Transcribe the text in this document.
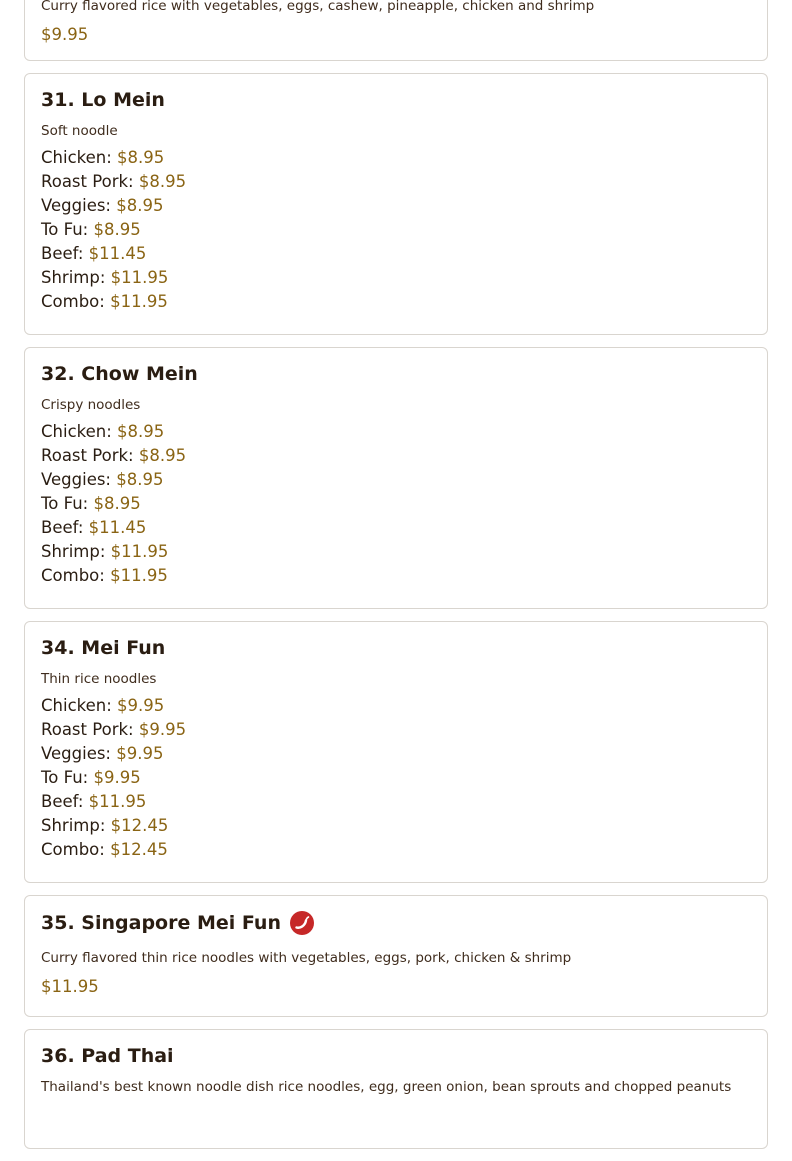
Curry flavored rice with vegetables, eggs, cashew, pineapple, chicken and shrimp

$9.95
31.
Lo Mein

Soft noodle

Chicken: $8.95
Roast Pork: $8.95
Veggies: $8.95
To Fu: $8.95
Beef: $11.45
Shrimp: $11.95
Combo: $11.95
32.
Chow Mein

Crispy noodles

Chicken: $8.95
Roast Pork: $8.95
Veggies: $8.95
To Fu: $8.95
Beef: $11.45
Shrimp: $11.95
Combo: $11.95
34.
Mei Fun

Thin rice noodles

Chicken: $9.95
Roast Pork: $9.95
Veggies: $9.95
To Fu: $9.95
Beef: $11.95
Shrimp: $12.45
Combo: $12.45
35.
Singapore Mei Fun

Curry flavored thin rice noodles with vegetables, eggs, pork, chicken & shrimp

$11.95
36.
Pad Thai

Thailand's best known noodle dish rice noodles, egg, green onion, bean sprouts and chopped peanuts
